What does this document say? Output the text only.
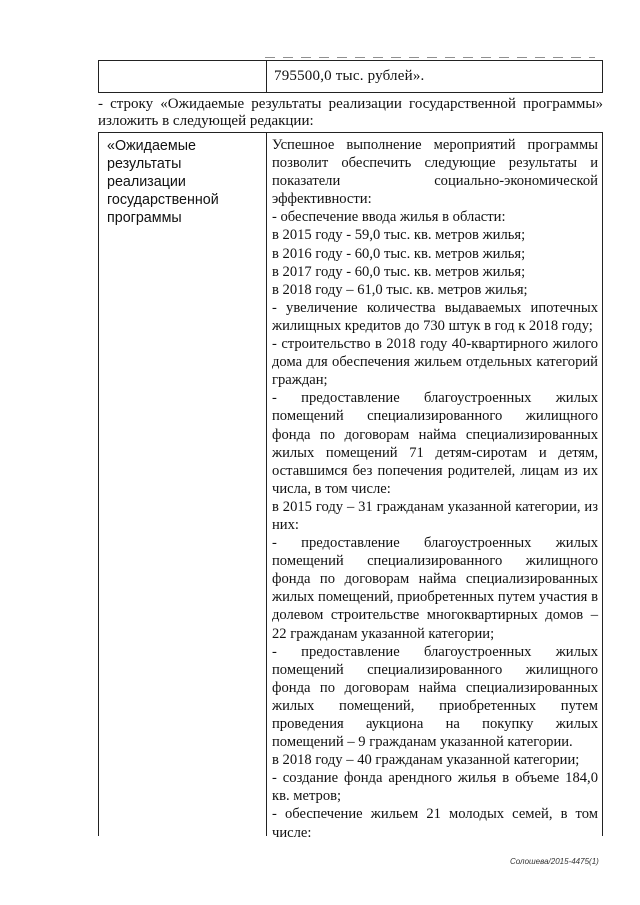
795500,0 тыс. рублей».
- строку «Ожидаемые результаты реализации государственной программы» изложить в следующей редакции:
«Ожидаемые результаты реализации государственной программы
Успешное выполнение мероприятий программы позволит обеспечить следующие результаты и показатели социально-экономической эффективности:
- обеспечение ввода жилья в области:
в 2015 году - 59,0 тыс. кв. метров жилья;
в 2016 году - 60,0 тыс. кв. метров жилья;
в 2017 году - 60,0 тыс. кв. метров жилья;
в 2018 году – 61,0 тыс. кв. метров жилья;
- увеличение количества выдаваемых ипотечных жилищных кредитов до 730 штук в год к 2018 году;
- строительство в 2018 году 40-квартирного жилого дома для обеспечения жильем отдельных категорий граждан;
- предоставление благоустроенных жилых помещений специализированного жилищного фонда по договорам найма специализированных жилых помещений 71 детям-сиротам и детям, оставшимся без попечения родителей, лицам из их числа, в том числе:
в 2015 году – 31 гражданам указанной категории, из них:
- предоставление благоустроенных жилых помещений специализированного жилищного фонда по договорам найма специализированных жилых помещений, приобретенных путем участия в долевом строительстве многоквартирных домов – 22 гражданам указанной категории;
- предоставление благоустроенных жилых помещений специализированного жилищного фонда по договорам найма специализированных жилых помещений, приобретенных путем проведения аукциона на покупку жилых помещений – 9 гражданам указанной категории.
в 2018 году – 40 гражданам указанной категории;
- создание фонда арендного жилья в объеме 184,0 кв. метров;
- обеспечение жильем 21 молодых семей, в том числе:
Солошева/2015-4475(1)
